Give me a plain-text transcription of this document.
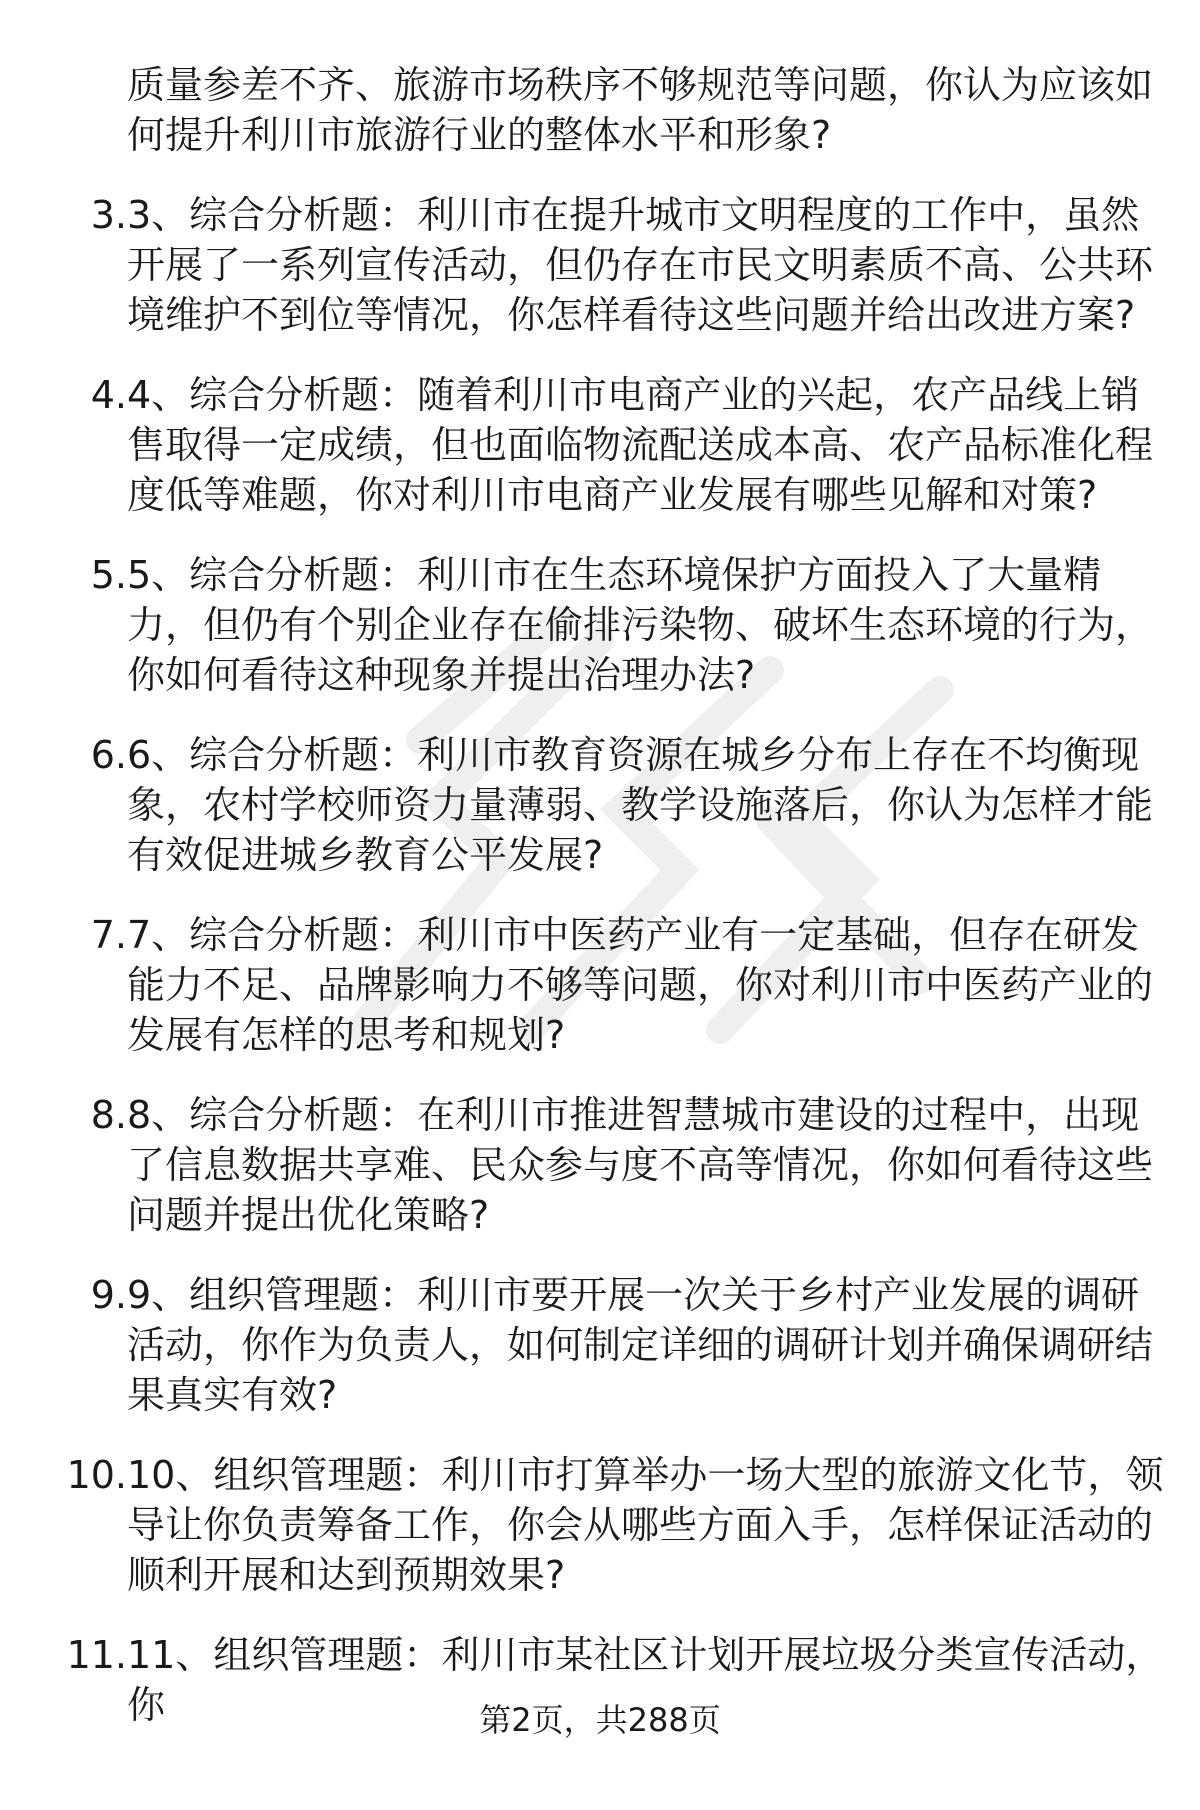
质量参差不齐、旅游市场秩序不够规范等问题，你认为应该如何提升利川市旅游行业的整体水平和形象?
3. 3、综合分析题：利川市在提升城市文明程度的工作中，虽然开展了一系列宣传活动，但仍存在市民文明素质不高、公共环境维护不到位等情况，你怎样看待这些问题并给出改进方案?
4. 4、综合分析题：随着利川市电商产业的兴起，农产品线上销售取得一定成绩，但也面临物流配送成本高、农产品标准化程度低等难题，你对利川市电商产业发展有哪些见解和对策?
5. 5、综合分析题：利川市在生态环境保护方面投入了大量精力，但仍有个别企业存在偷排污染物、破坏生态环境的行为，你如何看待这种现象并提出治理办法?
6. 6、综合分析题：利川市教育资源在城乡分布上存在不均衡现象，农村学校师资力量薄弱、教学设施落后，你认为怎样才能有效促进城乡教育公平发展?
7. 7、综合分析题：利川市中医药产业有一定基础，但存在研发能力不足、品牌影响力不够等问题，你对利川市中医药产业的发展有怎样的思考和规划?
8. 8、综合分析题：在利川市推进智慧城市建设的过程中，出现了信息数据共享难、民众参与度不高等情况，你如何看待这些问题并提出优化策略?
9. 9、组织管理题：利川市要开展一次关于乡村产业发展的调研活动，你作为负责人，如何制定详细的调研计划并确保调研结果真实有效?
10. 10、组织管理题：利川市打算举办一场大型的旅游文化节，领导让你负责筹备工作，你会从哪些方面入手，怎样保证活动的顺利开展和达到预期效果?
11. 11、组织管理题：利川市某社区计划开展垃圾分类宣传活动，你	第2页，共288页
